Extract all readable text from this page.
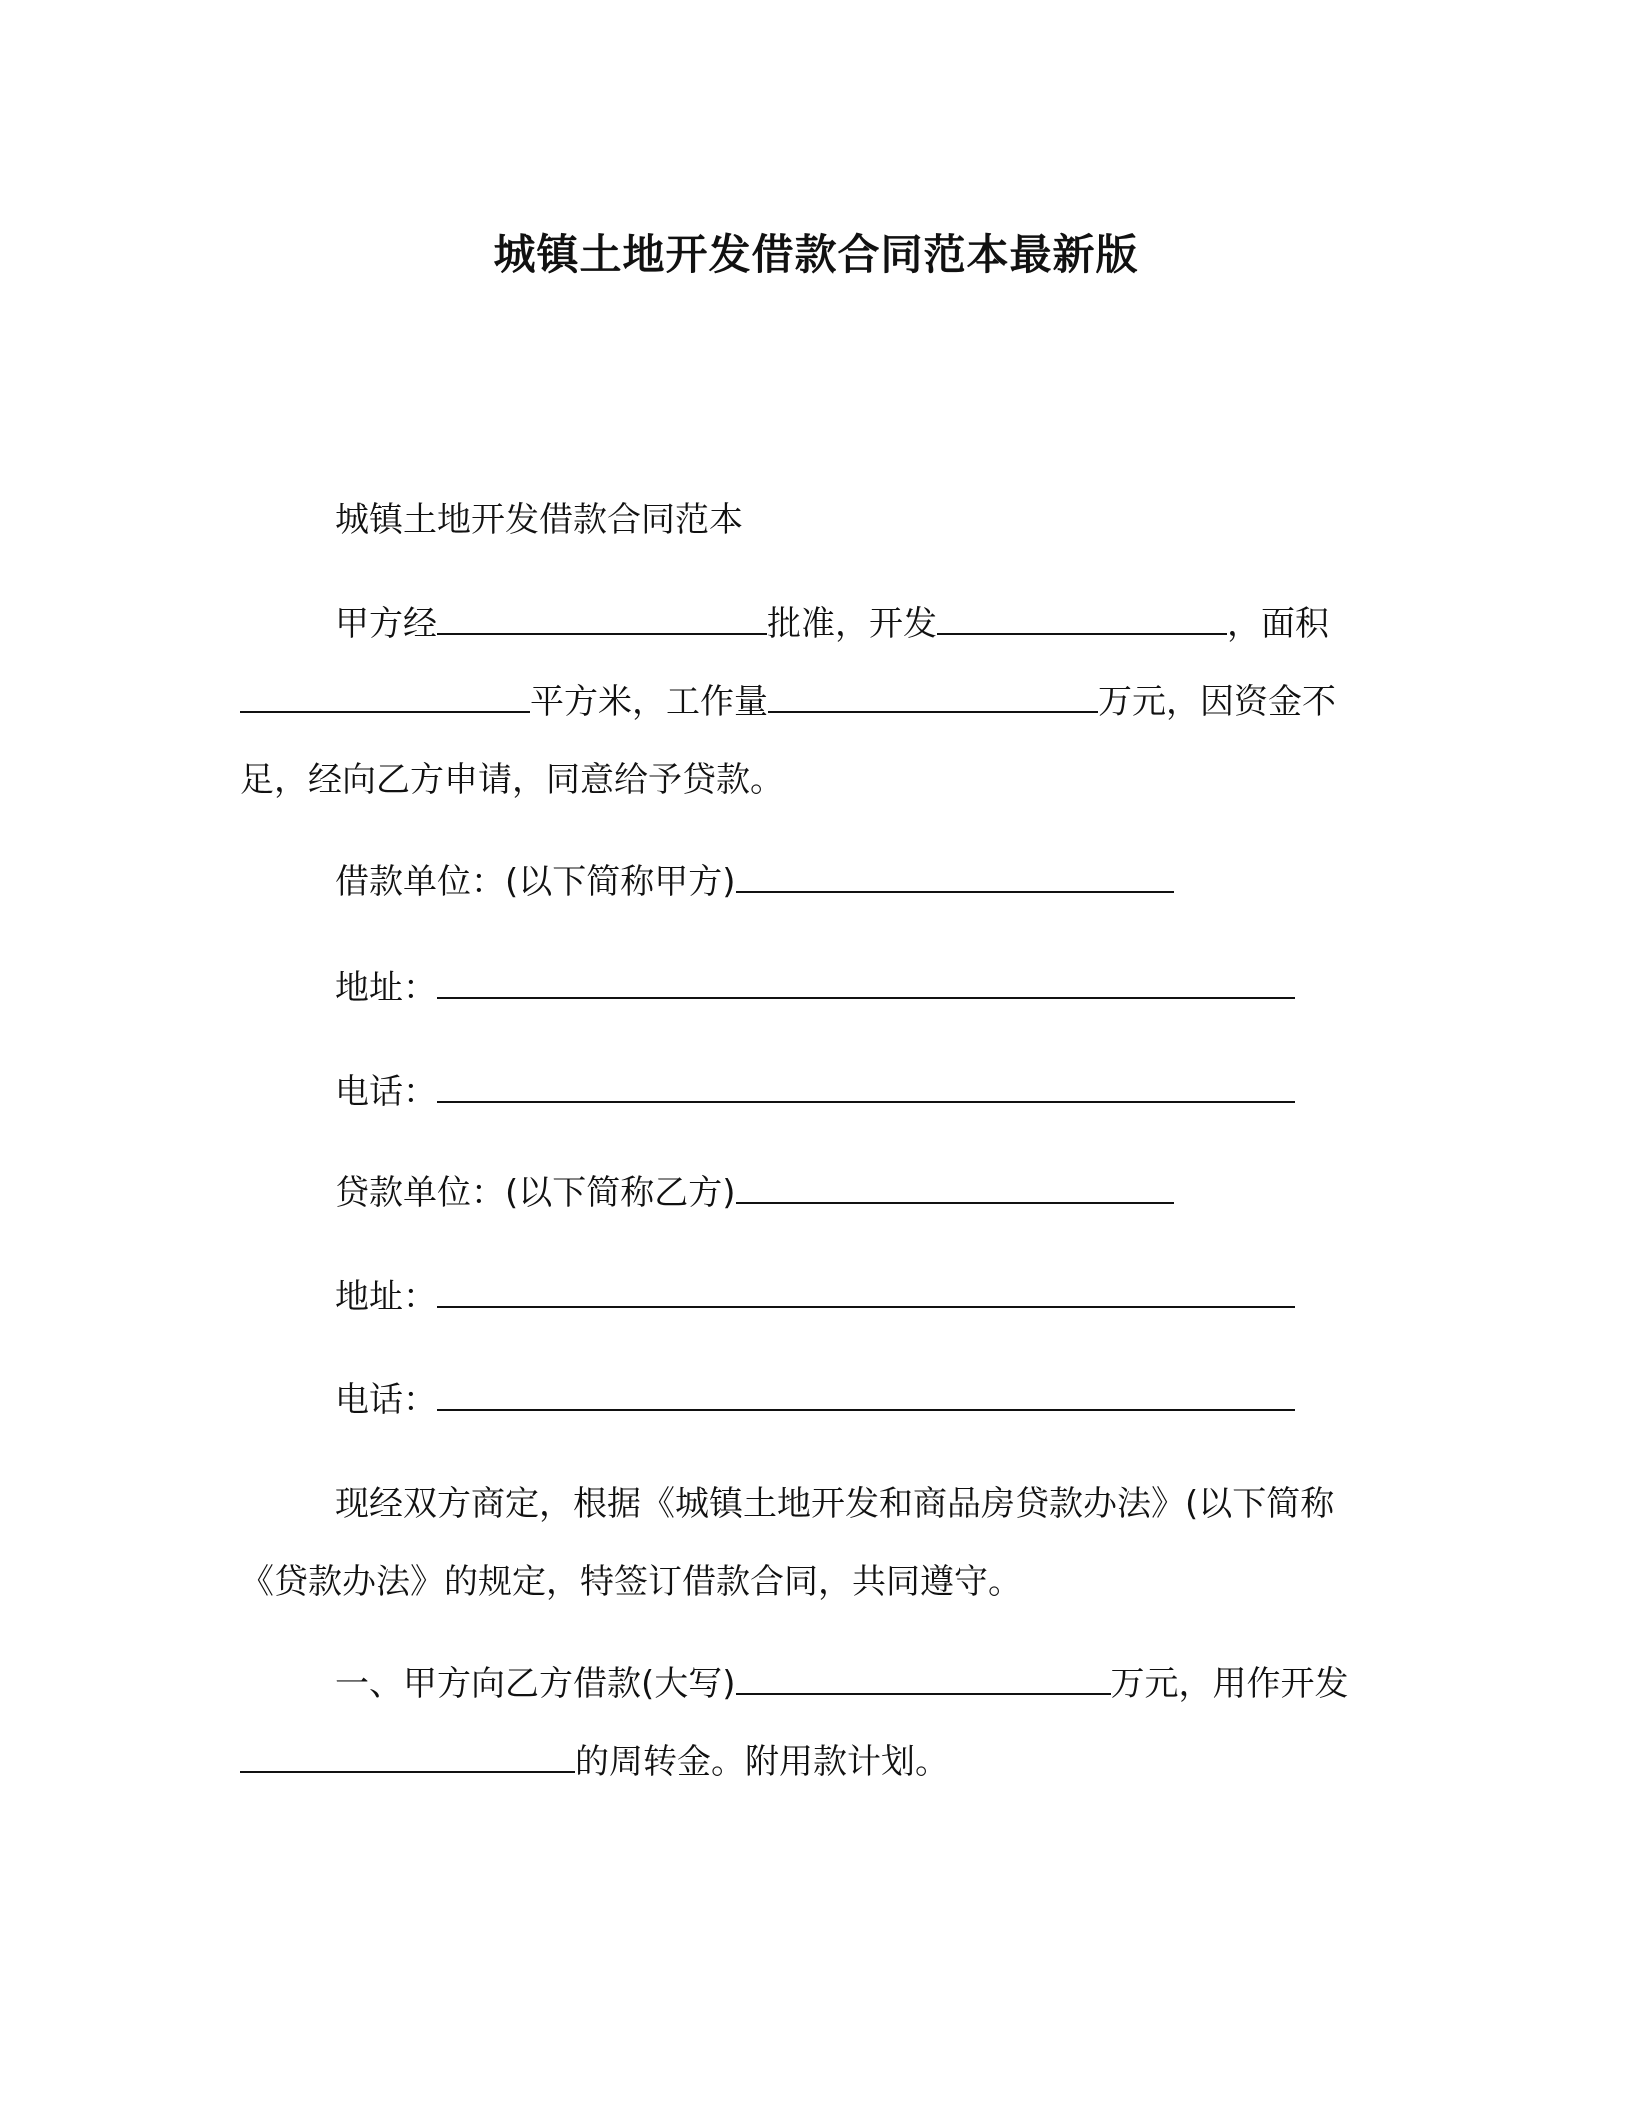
城镇土地开发借款合同范本最新版
城镇土地开发借款合同范本

甲方经	批准，开发	，面积平方米，工作量	万元，因资金不足，经向乙方申请，同意给予贷款。

借款单位：(以下简称甲方)
地址：
电话：
贷款单位：(以下简称乙方)
地址：
电话：

现经双方商定，根据《城镇土地开发和商品房贷款办法》(以下简称《贷款办法》的规定，特签订借款合同，共同遵守。

一、甲方向乙方借款(大写)	万元，用作开发的周转金。附用款计划。
